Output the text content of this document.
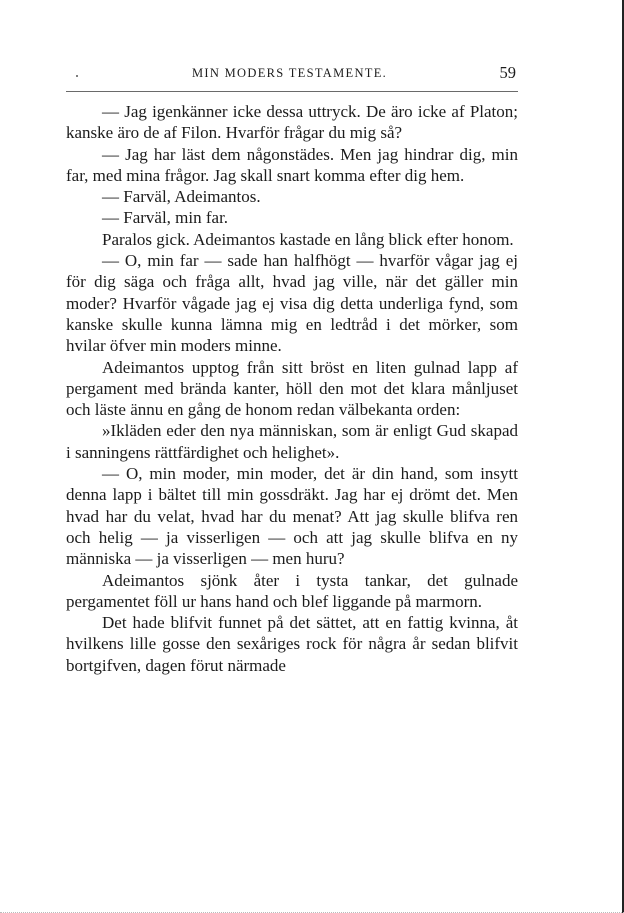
MIN MODERS TESTAMENTE.	59

— Jag igenkänner icke dessa uttryck. De äro icke af Platon; kanske äro de af Filon. Hvarför frågar du mig så?

— Jag har läst dem någonstädes. Men jag hindrar dig, min far, med mina frågor. Jag skall snart komma efter dig hem.

— Farväl, Adeimantos.

— Farväl, min far.

Paralos gick. Adeimantos kastade en lång blick efter honom.

— O, min far — sade han halfhögt — hvarför vågar jag ej för dig säga och fråga allt, hvad jag ville, när det gäller min moder? Hvarför vågade jag ej visa dig detta underliga fynd, som kanske skulle kunna lämna mig en ledtråd i det mörker, som hvilar öfver min moders minne.

Adeimantos upptog från sitt bröst en liten gulnad lapp af pergament med brända kanter, höll den mot det klara månljuset och läste ännu en gång de honom redan välbekanta orden:

»Ikläden eder den nya människan, som är enligt Gud skapad i sanningens rättfärdighet och helighet».

— O, min moder, min moder, det är din hand, som insytt denna lapp i bältet till min gossdräkt. Jag har ej drömt det. Men hvad har du velat, hvad har du menat? Att jag skulle blifva ren och helig — ja visserligen — och att jag skulle blifva en ny människa — ja visserligen — men huru?

Adeimantos sjönk åter i tysta tankar, det gulnade pergamentet föll ur hans hand och blef liggande på marmorn.

Det hade blifvit funnet på det sättet, att en fattig kvinna, åt hvilkens lille gosse den sexåriges rock för några år sedan blifvit bortgifven, dagen förut närmade
